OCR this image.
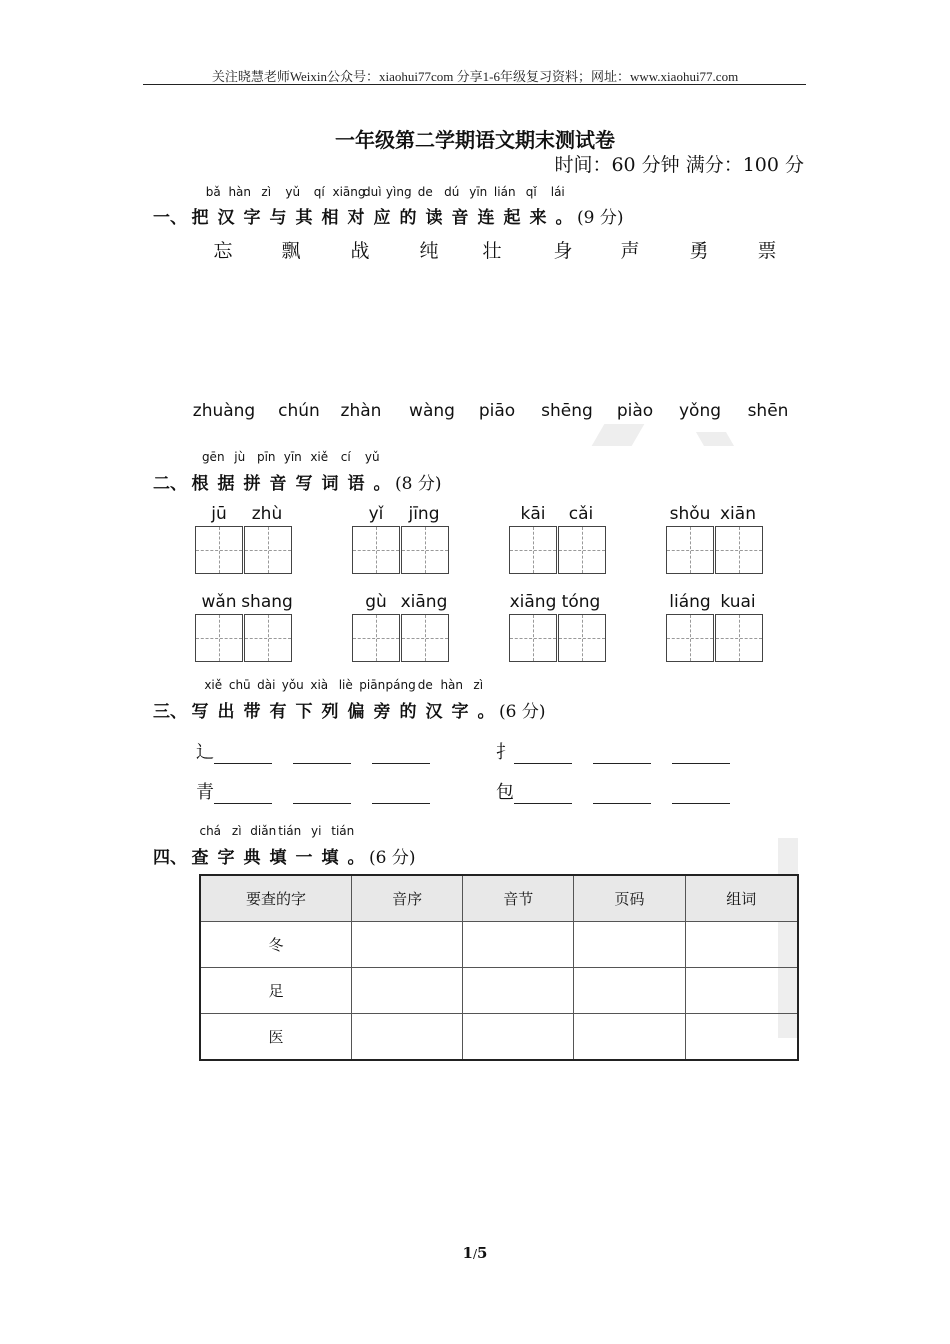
关注晓慧老师Weixin公众号：xiaohui77com 分享1-6年级复习资料；网址：www.xiaohui77.com
一年级第二学期语文期末测试卷
时间：60 分钟 满分：100 分
bǎ hàn zì	yǔ	qí xiāng
duì yìng de dú yīn lián qǐ	lái
一、 把 汉 字 与 其 相 对 应 的 读 音 连 起 来 。 (9 分)
忘	飘	战	纯 壮	身	声	勇	票
zhuàng	chún	zhàn	wàng	piāo	shēng	piào	yǒng	shēn
gēn jù pīn yīn xiě	cí	yǔ
二、 根 据 拼 音 写 词 语 。 (8 分)
jū	zhù	yǐ	jīng	kāi	cǎi	shǒu xiān
wǎn shang	gù xiāng	xiāng tóng	liáng kuai
xiě chū dài yǒu xià liè piān páng de hàn zì
三、 写 出 带 有 下 列 偏 旁 的 汉 字 。 (6 分)
辶	扌
青	包
chá zì diǎn tián yi tián
四、 查 字 典 填 一 填 。 (6 分)
要查的字	音序	音节	页码	组词
冬				
足				
医				
1/5
